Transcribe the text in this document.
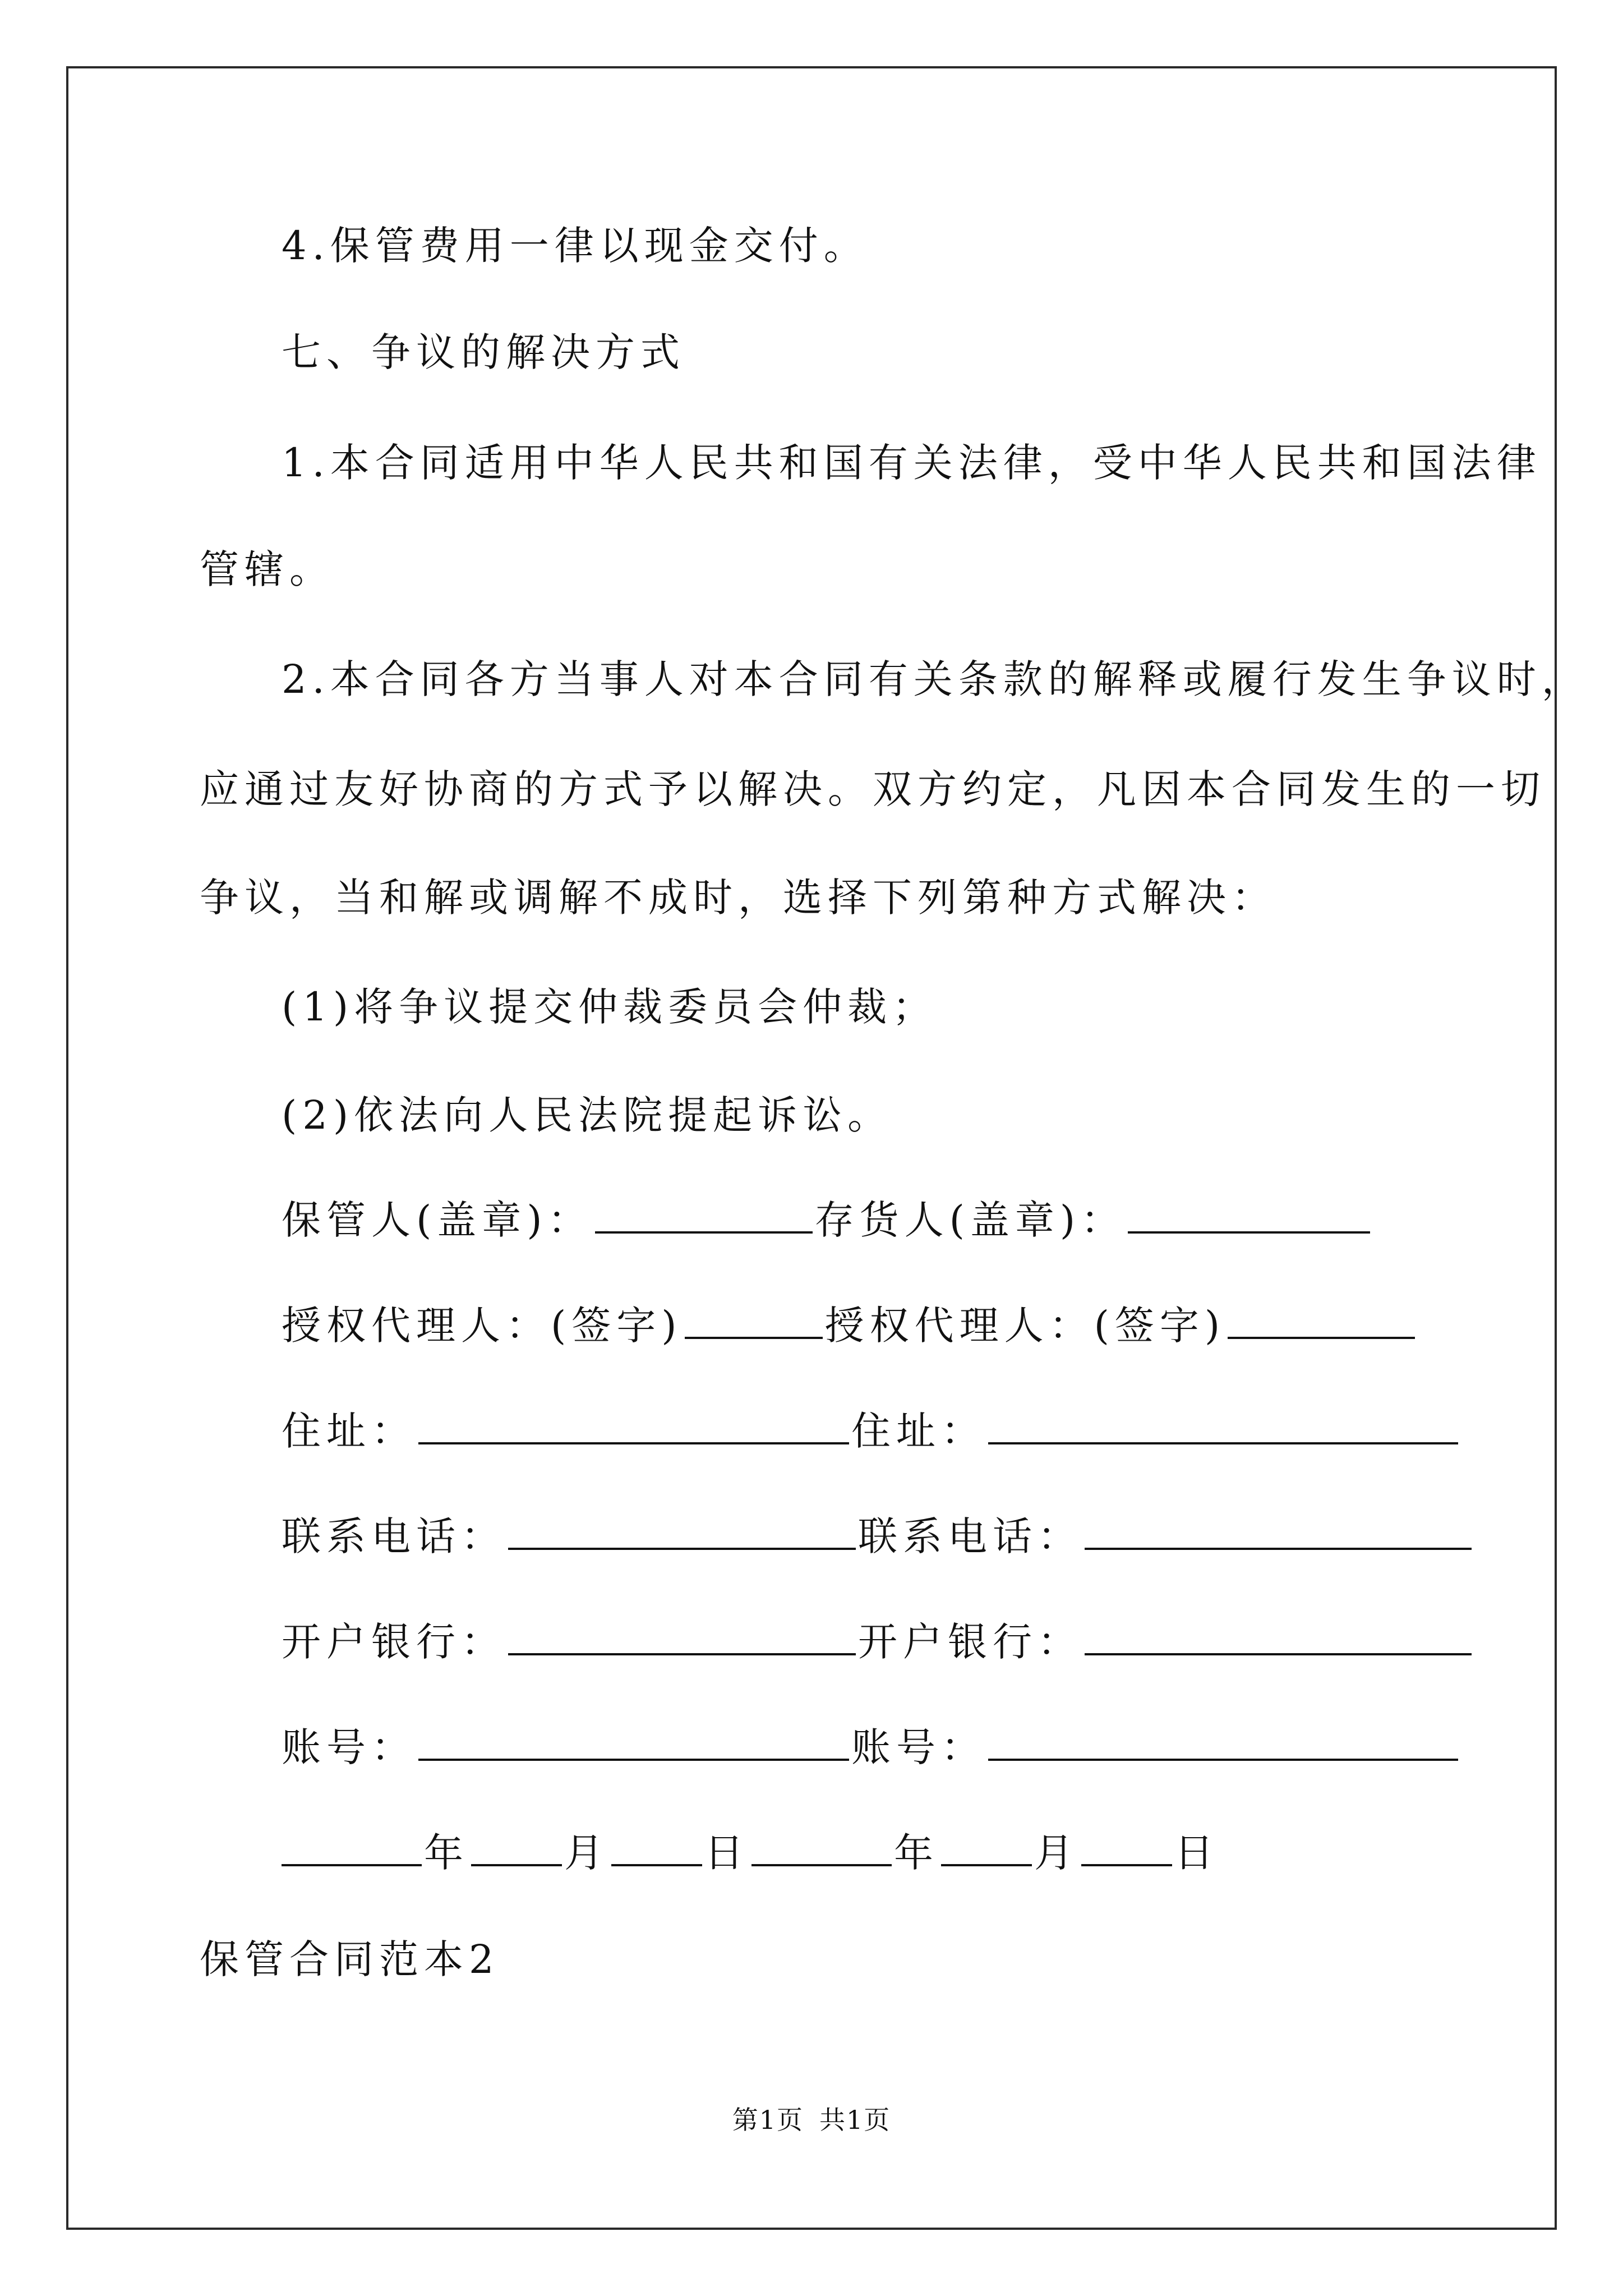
4.保管费用一律以现金交付。
七、争议的解决方式
1.本合同适用中华人民共和国有关法律，受中华人民共和国法律
管辖。
2.本合同各方当事人对本合同有关条款的解释或履行发生争议时，
应通过友好协商的方式予以解决。双方约定，凡因本合同发生的一切
争议，当和解或调解不成时，选择下列第种方式解决：
(1)将争议提交仲裁委员会仲裁；
(2)依法向人民法院提起诉讼。
保管人(盖章)：	存货人(盖章)：
授权代理人：(签字)	授权代理人：(签字)
住址：	住址：
联系电话：	联系电话：
开户银行：	开户银行：
账号：	账号：
年 月 日	年 月 日
保管合同范本2
第1页 共1页
